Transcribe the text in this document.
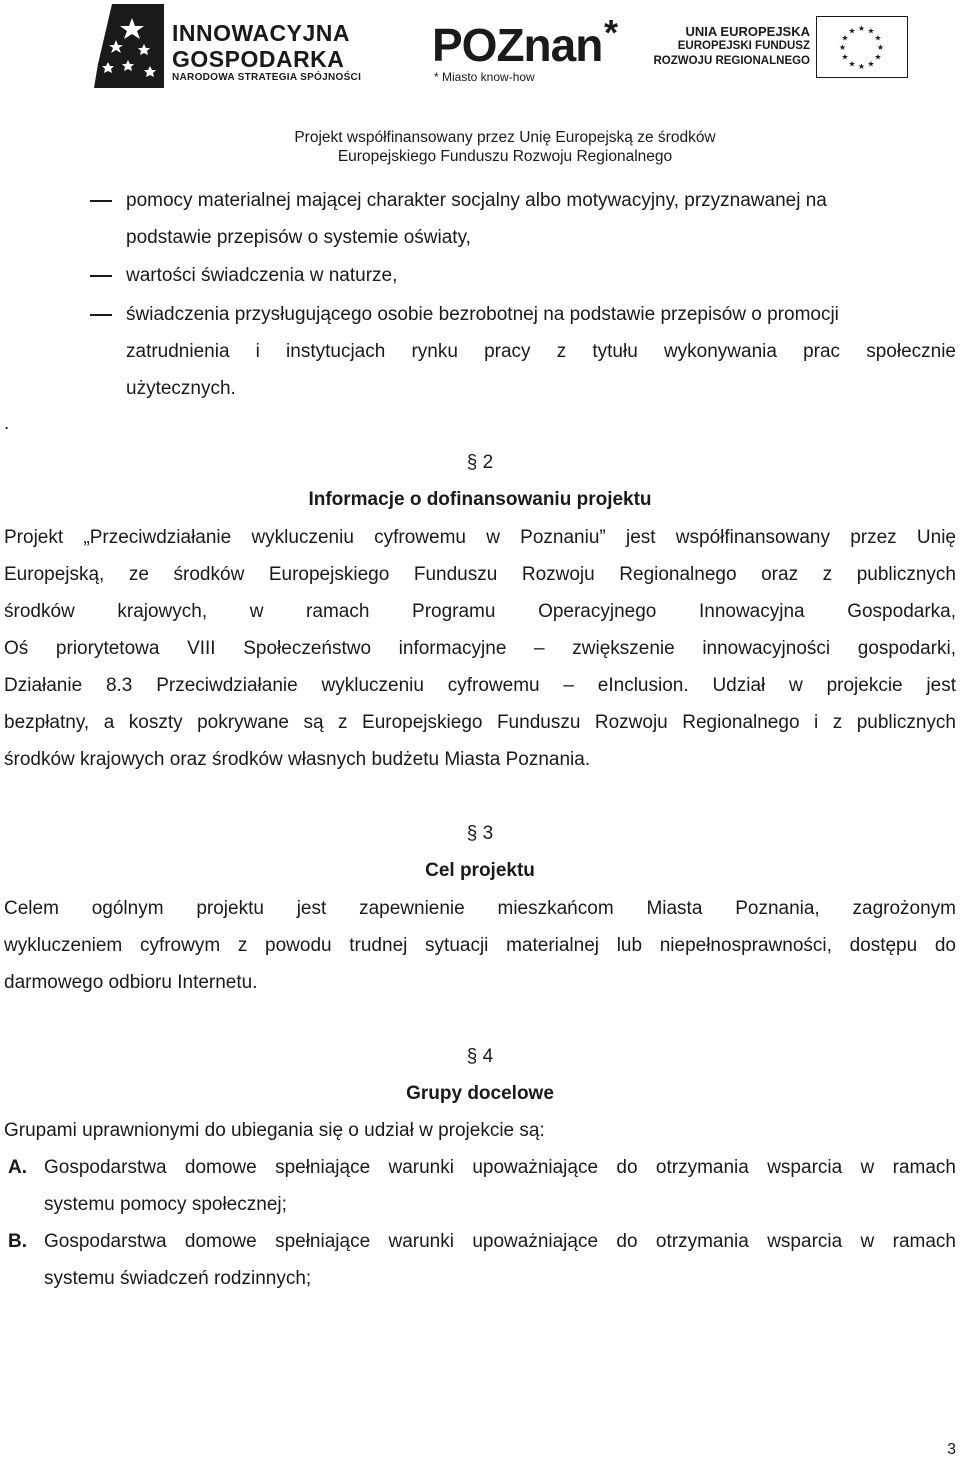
INNOWACYJNA
GOSPODARKA
NARODOWA STRATEGIA SPÓJNOŚCI
POZnan *
* Miasto know-how
UNIA EUROPEJSKA
EUROPEJSKI FUNDUSZ
ROZWOJU REGIONALNEGO
★ ★
★
★
★
★
★
★
★
★
★
★
Projekt współfinansowany przez Unię Europejską ze środków
Europejskiego Funduszu Rozwoju Regionalnego
pomocy materialnej mającej charakter socjalny albo motywacyjny, przyznawanej na
podstawie przepisów o systemie oświaty,
wartości świadczenia w naturze,
świadczenia przysługującego osobie bezrobotnej na podstawie przepisów o promocji
zatrudnienia i instytucjach rynku pracy z tytułu wykonywania prac społecznie
użytecznych.
.
§ 2
Informacje o dofinansowaniu projektu
Projekt „Przeciwdziałanie wykluczeniu cyfrowemu w Poznaniu” jest współfinansowany przez Unię
Europejską, ze środków Europejskiego Funduszu Rozwoju Regionalnego oraz z publicznych
środków krajowych, w ramach Programu Operacyjnego Innowacyjna Gospodarka,
Oś priorytetowa VIII Społeczeństwo informacyjne – zwiększenie innowacyjności gospodarki,
Działanie 8.3 Przeciwdziałanie wykluczeniu cyfrowemu – eInclusion. Udział w projekcie jest
bezpłatny, a koszty pokrywane są z Europejskiego Funduszu Rozwoju Regionalnego i z publicznych
środków krajowych oraz środków własnych budżetu Miasta Poznania.
§ 3
Cel projektu
Celem ogólnym projektu jest zapewnienie mieszkańcom Miasta Poznania, zagrożonym
wykluczeniem cyfrowym z powodu trudnej sytuacji materialnej lub niepełnosprawności, dostępu do
darmowego odbioru Internetu.
§ 4
Grupy docelowe
Grupami uprawnionymi do ubiegania się o udział w projekcie są:
A. Gospodarstwa domowe spełniające warunki upoważniające do otrzymania wsparcia w ramach
systemu pomocy społecznej;
B. Gospodarstwa domowe spełniające warunki upoważniające do otrzymania wsparcia w ramach
systemu świadczeń rodzinnych;
3
